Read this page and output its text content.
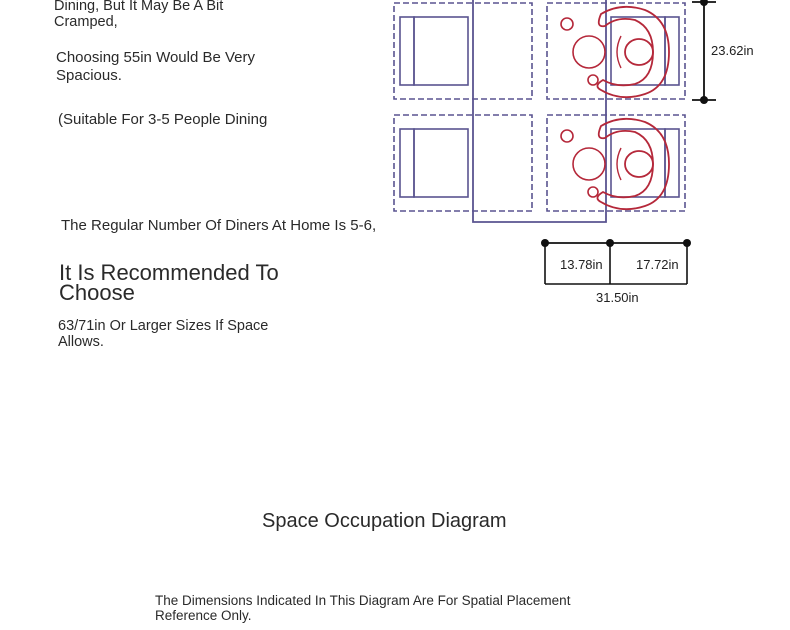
Dining, But It May Be A Bit Cramped,

Choosing 55in Would Be Very Spacious.

(Suitable For 3-5 People Dining

The Regular Number Of Diners At Home Is 5-6,

It Is Recommended To Choose

63/71in Or Larger Sizes If Space Allows.

Space Occupation Diagram

The Dimensions Indicated In This Diagram Are For Spatial Placement Reference Only.

23.62in
13.78in	17.72in
31.50in
